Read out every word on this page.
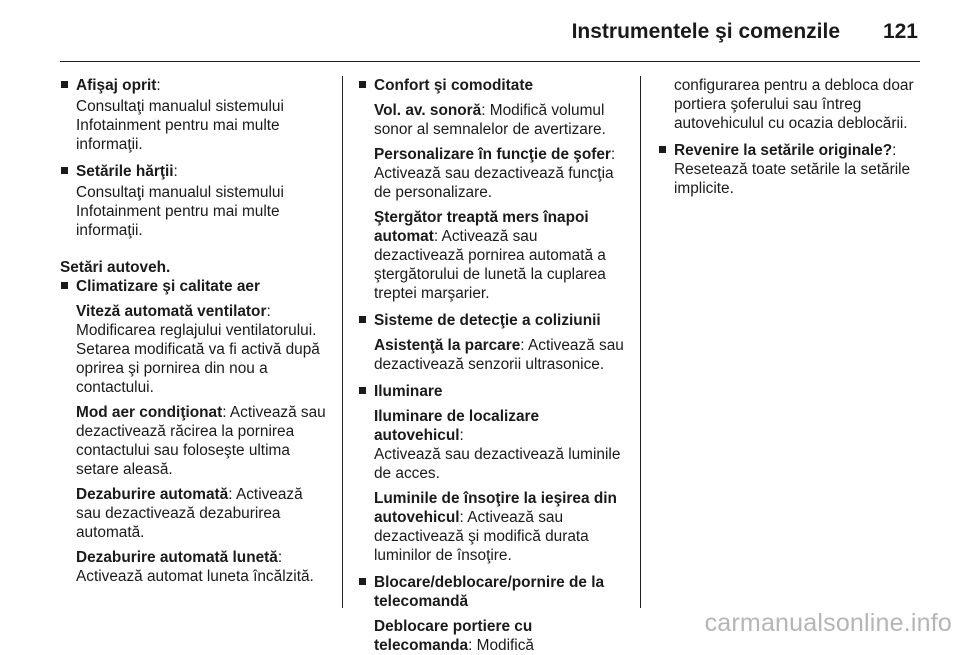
Instrumentele şi comenzile 121
Afişaj oprit:

Consultaţi manualul sistemului Infotainment pentru mai multe informaţii.

Setările hărţii:

Consultaţi manualul sistemului Infotainment pentru mai multe informaţii.

Setări autoveh.

Climatizare şi calitate aer

Viteză automată ventilator:
Modificarea reglajului ventilatorului. Setarea modificată va fi activă după oprirea şi pornirea din nou a contactului.

Mod aer condiţionat: Activează sau dezactivează răcirea la pornirea contactului sau foloseşte ultima setare aleasă.

Dezaburire automată: Activează sau dezactivează dezaburirea automată.

Dezaburire automată lunetă:
Activează automat luneta încălzită.

Confort şi comoditate

Vol. av. sonoră: Modifică volumul sonor al semnalelor de avertizare.

Personalizare în funcţie de şofer:
Activează sau dezactivează funcţia de personalizare.

Ştergător treaptă mers înapoi automat: Activează sau dezactivează pornirea automată a ştergătorului de lunetă la cuplarea treptei marşarier.

Sisteme de detecţie a coliziunii

Asistenţă la parcare: Activează sau dezactivează senzorii ultrasonice.

Iluminare

Iluminare de localizare autovehicul:
Activează sau dezactivează luminile de acces.

Luminile de însoţire la ieşirea din autovehicul: Activează sau dezactivează şi modifică durata luminilor de însoţire.

Blocare/deblocare/pornire de la telecomandă

Deblocare portiere cu telecomanda: Modifică

configurarea pentru a debloca doar portiera şoferului sau întreg autovehiculul cu ocazia deblocării.

Revenire la setările originale?:

Resetează toate setările la setările implicite.

carmanualsonline.info
